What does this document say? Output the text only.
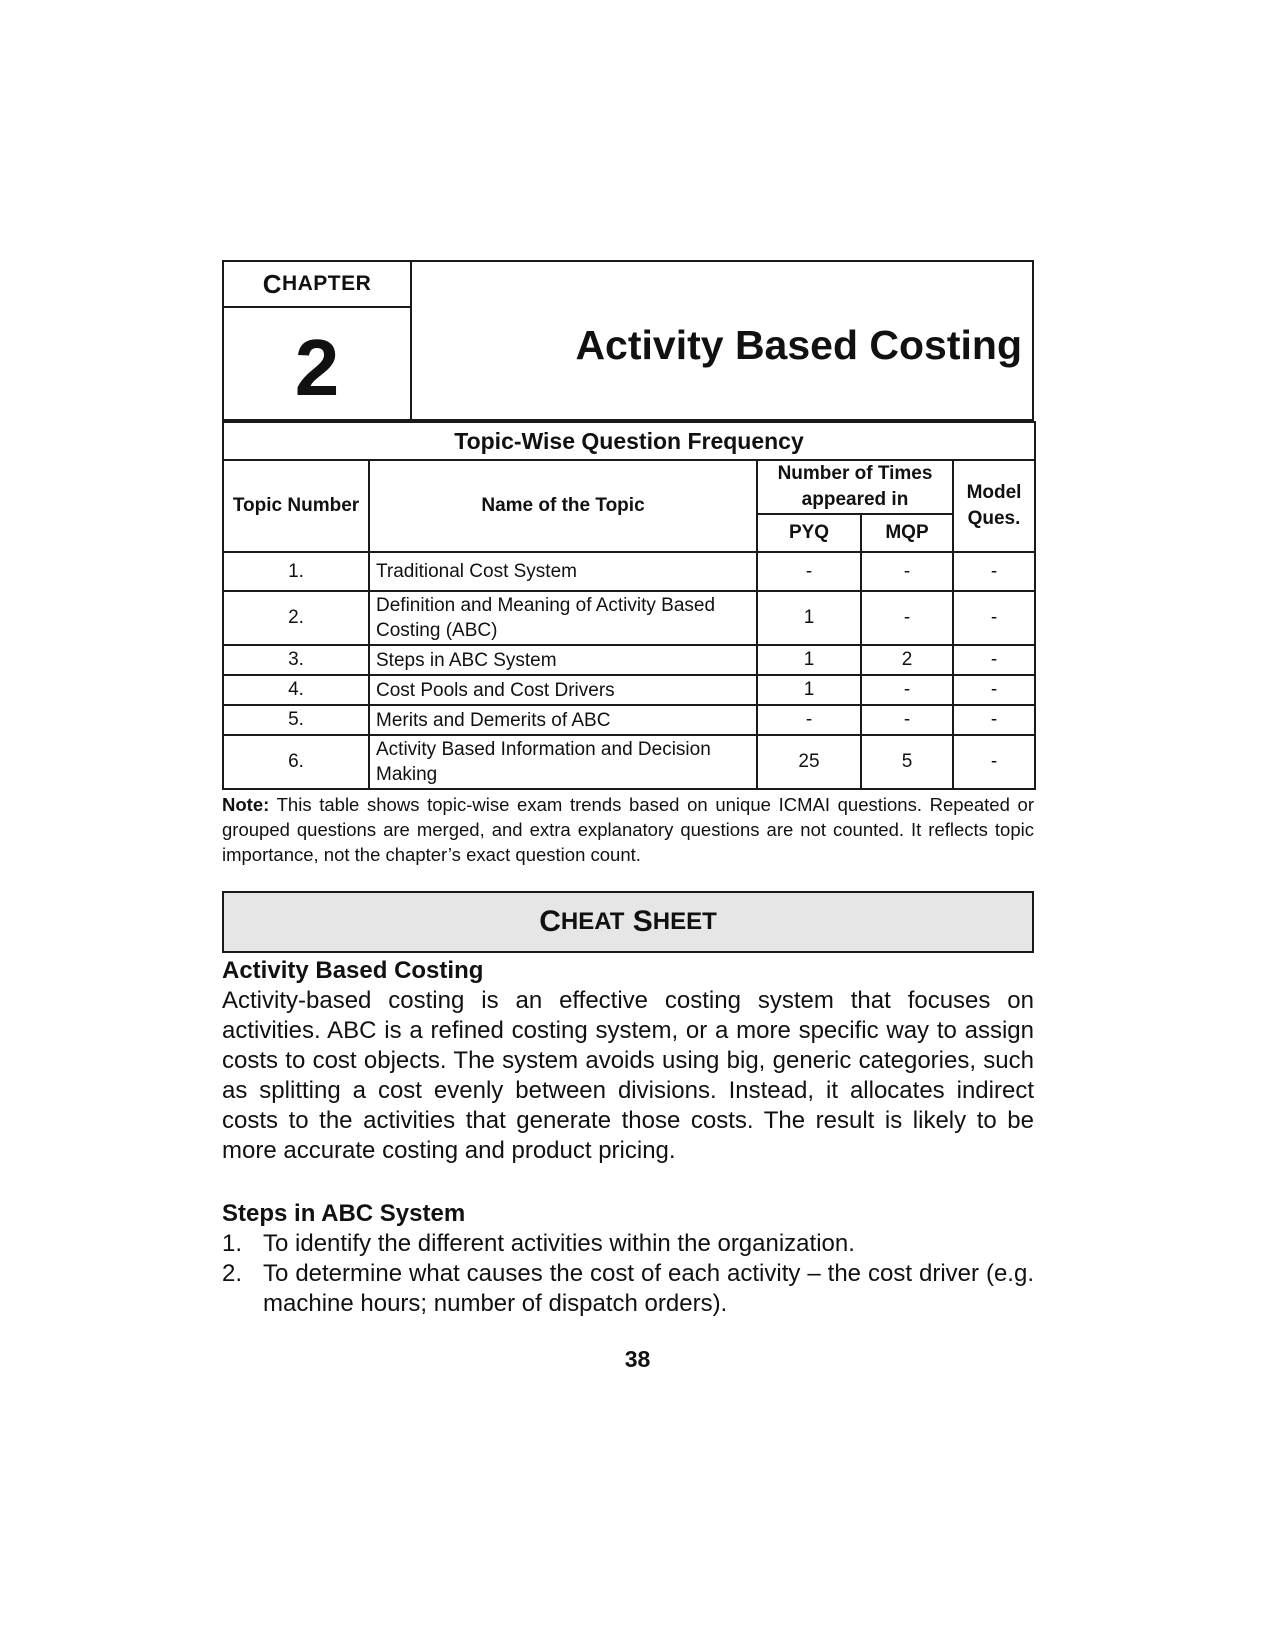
C HAPTER
2	Activity Based Costing
Topic-Wise Question Frequency				
Topic Number	Name of the Topic	Number of Times appeared in		Model Ques.
		PYQ	MQP	
1.	Traditional Cost System	-	-	-
2.	Definition and Meaning of Activity Based Costing (ABC)	1	-	-
3.	Steps in ABC System	1	2	-
4.	Cost Pools and Cost Drivers	1	-	-
5.	Merits and Demerits of ABC	-	-	-
6.	Activity Based Information and Decision Making	25	5	-
Note: This table shows topic-wise exam trends based on unique ICMAI questions. Repeated or grouped questions are merged, and extra explanatory questions are not counted. It reflects topic importance, not the chapter’s exact question count.
C HEAT
S HEET
Activity Based Costing
Activity-based costing is an effective costing system that focuses on activities. ABC is a refined costing system, or a more specific way to assign costs to cost objects. The system avoids using big, generic categories, such as splitting a cost evenly between divisions. Instead, it allocates indirect costs to the activities that generate those costs. The result is likely to be more accurate costing and product pricing.
Steps in ABC System
1. To identify the different activities within the organization.
2. To determine what causes the cost of each activity – the cost driver (e.g. machine hours; number of dispatch orders).
38
